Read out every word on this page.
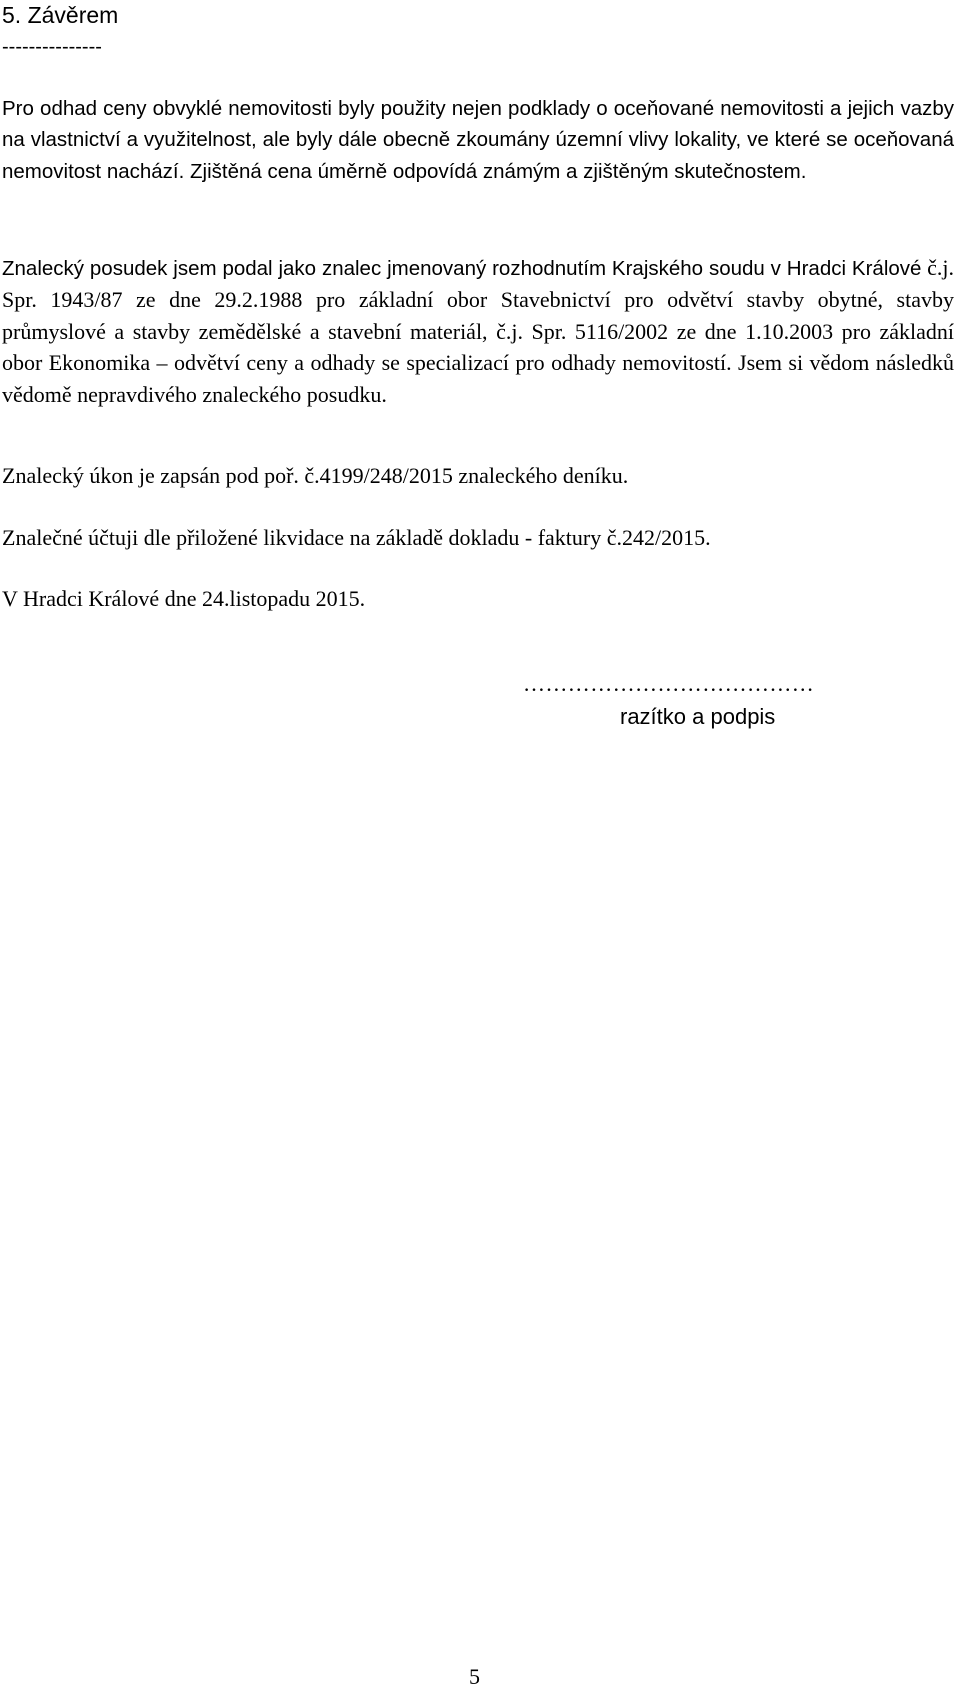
5. Závěrem
---------------

Pro odhad ceny obvyklé nemovitosti byly použity nejen podklady o oceňované nemovitosti a jejich vazby na vlastnictví a využitelnost, ale byly dále obecně zkoumány územní vlivy lokality, ve které se oceňovaná nemovitost nachází. Zjištěná cena úměrně odpovídá známým a zjištěným skutečnostem.

Znalecký posudek jsem podal jako znalec jmenovaný rozhodnutím Krajského soudu v Hradci Králové č.j. Spr. 1943/87 ze dne 29.2.1988 pro základní obor Stavebnictví pro odvětví stavby obytné, stavby průmyslové a stavby zemědělské a stavební materiál, č.j. Spr. 5116/2002 ze dne 1.10.2003 pro základní obor Ekonomika – odvětví ceny a odhady se specializací pro odhady nemovitostí. Jsem si vědom následků vědomě nepravdivého znaleckého posudku.

Znalecký úkon je zapsán pod poř. č.4199/248/2015 znaleckého deníku.

Znalečné účtuji dle přiložené likvidace na základě dokladu - faktury č.242/2015.

V Hradci Králové dne 24.listopadu 2015.

…………………………………
razítko a podpis
5
